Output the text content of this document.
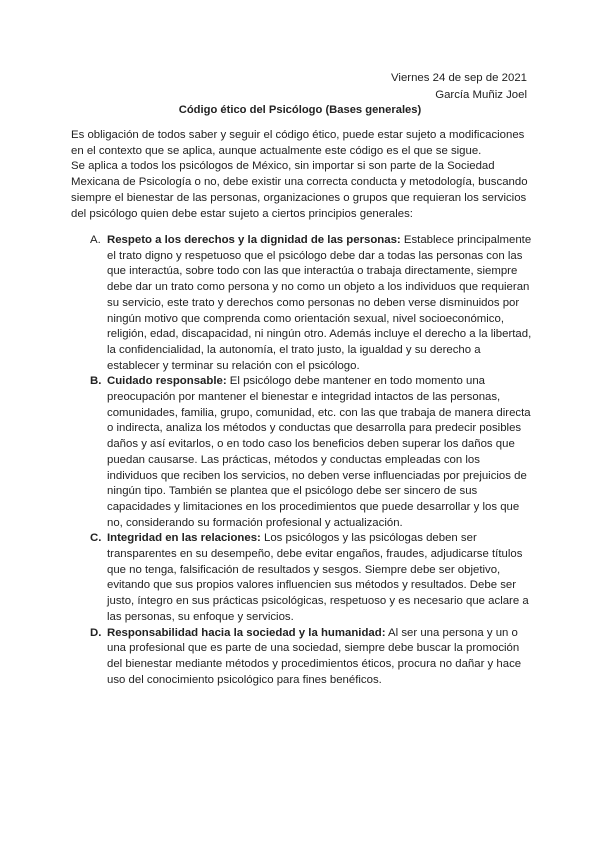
Viernes 24 de sep de 2021
García Muñiz Joel
Código ético del Psicólogo (Bases generales)

Es obligación de todos saber y seguir el código ético, puede estar sujeto a modificaciones en el contexto que se aplica, aunque actualmente este código es el que se sigue.

Se aplica a todos los psicólogos de México, sin importar si son parte de la Sociedad Mexicana de Psicología o no, debe existir una correcta conducta y metodología, buscando siempre el bienestar de las personas, organizaciones o grupos que requieran los servicios del psicólogo quien debe estar sujeto a ciertos principios generales:

A. Respeto a los derechos y la dignidad de las personas: Establece principalmente el trato digno y respetuoso que el psicólogo debe dar a todas las personas con las que interactúa, sobre todo con las que interactúa o trabaja directamente, siempre debe dar un trato como persona y no como un objeto a los individuos que requieran su servicio, este trato y derechos como personas no deben verse disminuidos por ningún motivo que comprenda como orientación sexual, nivel socioeconómico, religión, edad, discapacidad, ni ningún otro. Además incluye el derecho a la libertad, la confidencialidad, la autonomía, el trato justo, la igualdad y su derecho a establecer y terminar su relación con el psicólogo.
B. Cuidado responsable: El psicólogo debe mantener en todo momento una preocupación por mantener el bienestar e integridad intactos de las personas, comunidades, familia, grupo, comunidad, etc. con las que trabaja de manera directa o indirecta, analiza los métodos y conductas que desarrolla para predecir posibles daños y así evitarlos, o en todo caso los beneficios deben superar los daños que puedan causarse. Las prácticas, métodos y conductas empleadas con los individuos que reciben los servicios, no deben verse influenciadas por prejuicios de ningún tipo. También se plantea que el psicólogo debe ser sincero de sus capacidades y limitaciones en los procedimientos que puede desarrollar y los que no, considerando su formación profesional y actualización.
C. Integridad en las relaciones: Los psicólogos y las psicólogas deben ser transparentes en su desempeño, debe evitar engaños, fraudes, adjudicarse títulos que no tenga, falsificación de resultados y sesgos. Siempre debe ser objetivo, evitando que sus propios valores influencien sus métodos y resultados. Debe ser justo, íntegro en sus prácticas psicológicas, respetuoso y es necesario que aclare a las personas, su enfoque y servicios.
D. Responsabilidad hacia la sociedad y la humanidad: Al ser una persona y un o una profesional que es parte de una sociedad, siempre debe buscar la promoción del bienestar mediante métodos y procedimientos éticos, procura no dañar y hace uso del conocimiento psicológico para fines benéficos.
